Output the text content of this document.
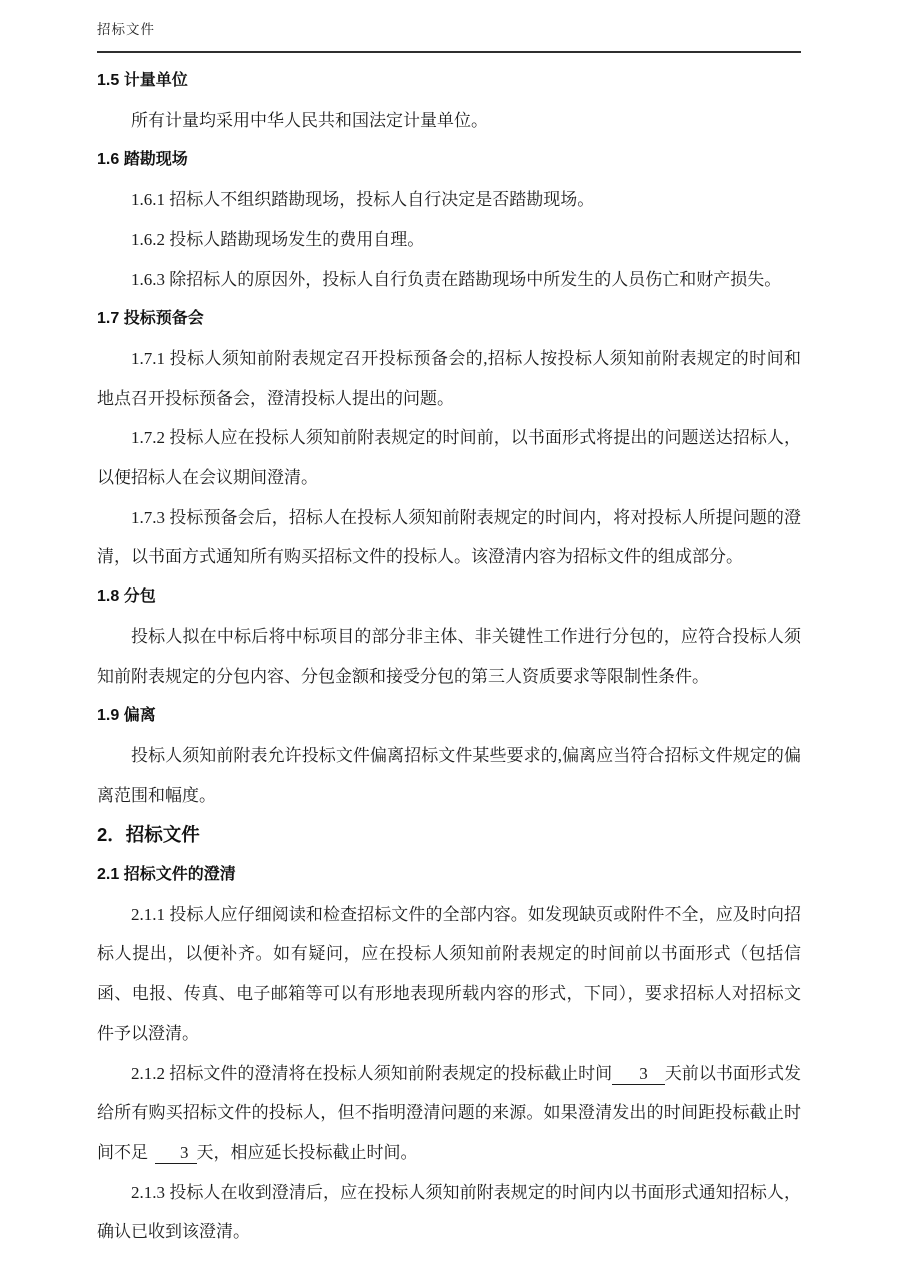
招标文件
1.5 计量单位

所有计量均采用中华人民共和国法定计量单位。

1.6 踏勘现场

1.6.1 招标人不组织踏勘现场，投标人自行决定是否踏勘现场。

1.6.2 投标人踏勘现场发生的费用自理。

1.6.3 除招标人的原因外，投标人自行负责在踏勘现场中所发生的人员伤亡和财产损失。

1.7 投标预备会

1.7.1 投标人须知前附表规定召开投标预备会的,招标人按投标人须知前附表规定的时间和地点召开投标预备会，澄清投标人提出的问题。

1.7.2 投标人应在投标人须知前附表规定的时间前，以书面形式将提出的问题送达招标人，以便招标人在会议期间澄清。

1.7.3 投标预备会后，招标人在投标人须知前附表规定的时间内，将对投标人所提问题的澄清，以书面方式通知所有购买招标文件的投标人。该澄清内容为招标文件的组成部分。

1.8 分包

投标人拟在中标后将中标项目的部分非主体、非关键性工作进行分包的，应符合投标人须知前附表规定的分包内容、分包金额和接受分包的第三人资质要求等限制性条件。

1.9 偏离

投标人须知前附表允许投标文件偏离招标文件某些要求的,偏离应当符合招标文件规定的偏离范围和幅度。

2．招标文件
2.1 招标文件的澄清

2.1.1 投标人应仔细阅读和检查招标文件的全部内容。如发现缺页或附件不全，应及时向招标人提出，以便补齐。如有疑问，应在投标人须知前附表规定的时间前以书面形式（包括信函、电报、传真、电子邮箱等可以有形地表现所载内容的形式，下同），要求招标人对招标文件予以澄清。

2.1.2 招标文件的澄清将在投标人须知前附表规定的投标截止时间 3 天前以书面形式发给所有购买招标文件的投标人，但不指明澄清问题的来源。如果澄清发出的时间距投标截止时间不足 3 天，相应延长投标截止时间。

2.1.3 投标人在收到澄清后，应在投标人须知前附表规定的时间内以书面形式通知招标人，确认已收到该澄清。
